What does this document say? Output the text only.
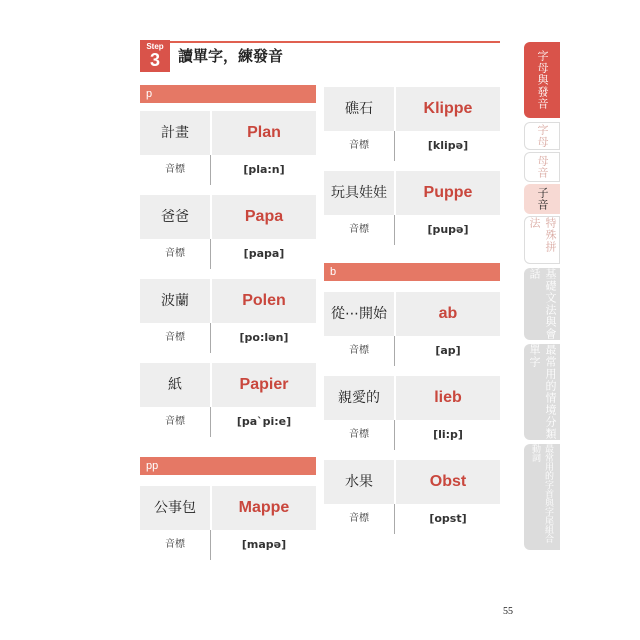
Step
3	讀單字，練發音
p
計畫	Plan
音標	[pla:n]
爸爸	Papa
音標	[papa]
波蘭	Polen
音標	[po:lən]
紙	Papier
音標	[pa`pi:e]
pp
公事包	Mappe
音標	[mapə]
礁石	Klippe
音標	[klipə]
玩具娃娃	Puppe
音標	[pupə]
b
從⋯開始	ab
音標	[ap]
親愛的	lieb
音標	[li:p]
水果	Obst
音標	[opst]
字母與發音
字母
母音
子音
特殊拼法
基礎文法與會話
最常用的情境分類單字
最常用的字首與字尾組合動詞
55
